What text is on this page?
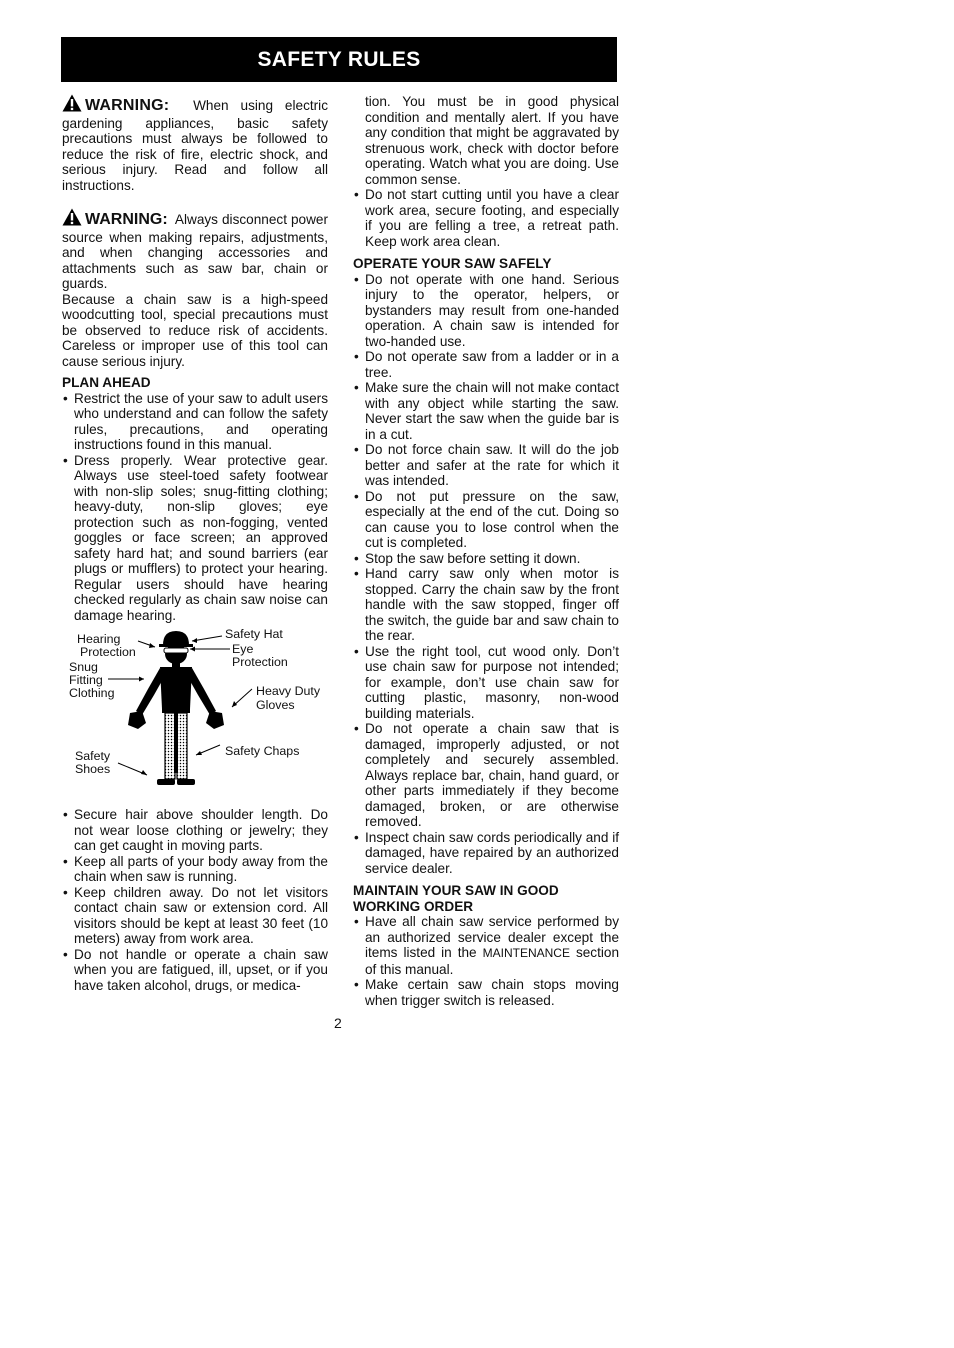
SAFETY RULES

WARNING: When using electric gardening appliances, basic safety precautions must always be followed to reduce the risk of fire, electric shock, and serious injury. Read and follow all instructions.

WARNING: Always disconnect power source when making repairs, adjustments, and when changing accessories and attachments such as saw bar, chain or guards.

Because a chain saw is a high-speed woodcutting tool, special precautions must be observed to reduce risk of accidents. Careless or improper use of this tool can cause serious injury.

PLAN AHEAD
• Restrict the use of your saw to adult users who understand and can follow the safety rules, precautions, and operating instructions found in this manual.
• Dress properly. Wear protective gear. Always use steel-toed safety footwear with non-slip soles; snug-fitting clothing; heavy-duty, non-slip gloves; eye protection such as non-fogging, vented goggles or face screen; an approved safety hard hat; and sound barriers (ear plugs or mufflers) to protect your hearing. Regular users should have hearing checked regularly as chain saw noise can damage hearing.
Hearing
Protection
Snug
Fitting
Clothing
Safety Hat
Eye
Protection
Heavy Duty
Gloves
Safety
Shoes
Safety Chaps
• Secure hair above shoulder length. Do not wear loose clothing or jewelry; they can get caught in moving parts.
• Keep all parts of your body away from the chain when saw is running.
• Keep children away. Do not let visitors contact chain saw or extension cord. All visitors should be kept at least 30 feet (10 meters) away from work area.
• Do not handle or operate a chain saw when you are fatigued, ill, upset, or if you have taken alcohol, drugs, or medica-

tion. You must be in good physical condition and mentally alert. If you have any condition that might be aggravated by strenuous work, check with doctor before operating. Watch what you are doing. Use common sense.

• Do not start cutting until you have a clear work area, secure footing, and especially if you are felling a tree, a retreat path. Keep work area clean.
OPERATE YOUR SAW SAFELY
• Do not operate with one hand. Serious injury to the operator, helpers, or bystanders may result from one-handed operation. A chain saw is intended for two-handed use.
• Do not operate saw from a ladder or in a tree.
• Make sure the chain will not make contact with any object while starting the saw. Never start the saw when the guide bar is in a cut.
• Do not force chain saw. It will do the job better and safer at the rate for which it was intended.
• Do not put pressure on the saw, especially at the end of the cut. Doing so can cause you to lose control when the cut is completed.
• Stop the saw before setting it down.
• Hand carry saw only when motor is stopped. Carry the chain saw by the front handle with the saw stopped, finger off the switch, the guide bar and saw chain to the rear.
• Use the right tool, cut wood only. Don’t use chain saw for purpose not intended; for example, don’t use chain saw for cutting plastic, masonry, non-wood building materials.
• Do not operate a chain saw that is damaged, improperly adjusted, or not completely and securely assembled. Always replace bar, chain, hand guard, or other parts immediately if they become damaged, broken, or are otherwise removed.
• Inspect chain saw cords periodically and if damaged, have repaired by an authorized service dealer.
MAINTAIN YOUR SAW IN GOOD WORKING ORDER
• Have all chain saw service performed by an authorized service dealer except the items listed in the MAINTENANCE section of this manual.
• Make certain saw chain stops moving when trigger switch is released.
2
